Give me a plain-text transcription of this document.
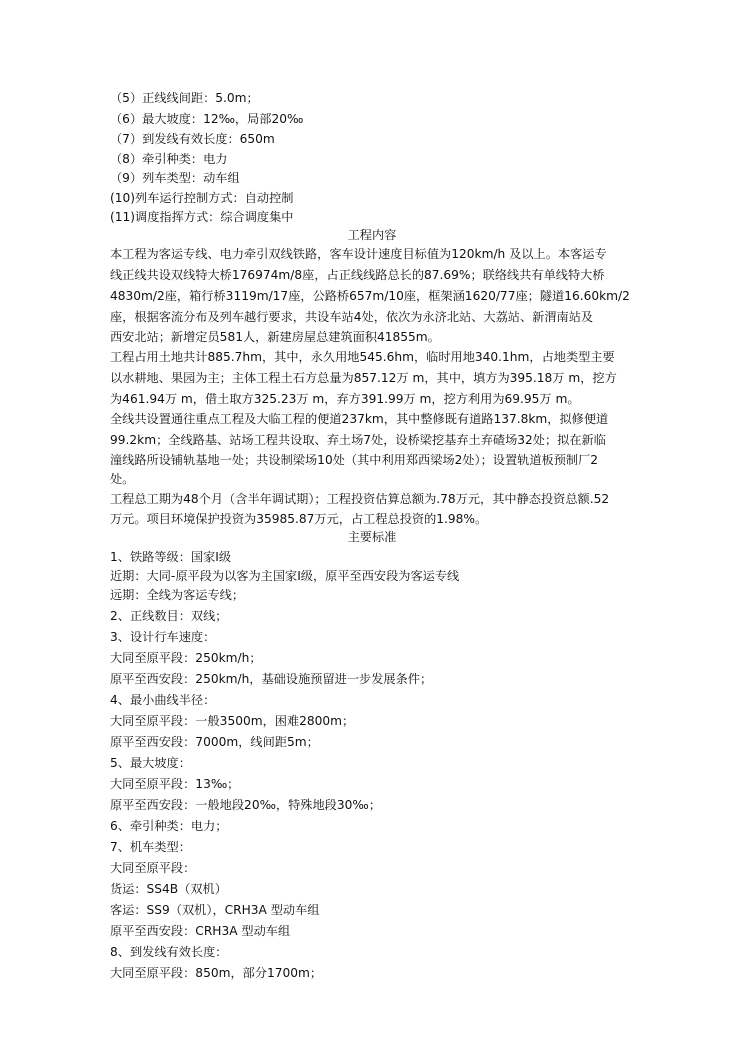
（5）正线线间距：5.0m；
（6）最大坡度：12‰，局部20‰
（7）到发线有效长度：650m
（8）牵引种类：电力
（9）列车类型：动车组
(10)列车运行控制方式：自动控制
(11)调度指挥方式：综合调度集中
工程内容
本工程为客运专线、电力牵引双线铁路，客车设计速度目标值为120km/h 及以上。本客运专
线正线共设双线特大桥176974m/8座，占正线线路总长的87.69%；联络线共有单线特大桥
4830m/2座，箱行桥3119m/17座，公路桥657m/10座，框架涵1620/77座；隧道16.60km/2
座，根据客流分布及列车越行要求，共设车站4处，依次为永济北站、大荔站、新渭南站及
西安北站；新增定员581人，新建房屋总建筑面积41855m。
工程占用土地共计885.7hm，其中，永久用地545.6hm，临时用地340.1hm，占地类型主要
以水耕地、果园为主；主体工程土石方总量为857.12万 m，其中，填方为395.18万 m，挖方
为461.94万 m，借土取方325.23万 m，弃方391.99万 m，挖方利用为69.95万 m。
全线共设置通往重点工程及大临工程的便道237km，其中整修既有道路137.8km，拟修便道
99.2km；全线路基、站场工程共设取、弃土场7处，设桥梁挖基弃土弃碴场32处；拟在新临
潼线路所设铺轨基地一处；共设制梁场10处（其中利用郑西梁场2处）；设置轨道板预制厂2
处。
工程总工期为48个月（含半年调试期）；工程投资估算总额为.78万元，其中静态投资总额.52
万元。项目环境保护投资为35985.87万元，占工程总投资的1.98%。
主要标准
1、铁路等级：国家Ⅰ级
近期：大同-原平段为以客为主国家Ⅰ级，原平至西安段为客运专线
远期：全线为客运专线；
2、正线数目：双线；
3、设计行车速度：
大同至原平段：250km/h；
原平至西安段：250km/h，基础设施预留进一步发展条件；
4、最小曲线半径：
大同至原平段：一般3500m，困难2800m；
原平至西安段：7000m，线间距5m；
5、最大坡度：
大同至原平段：13‰；
原平至西安段：一般地段20‰，特殊地段30‰；
6、牵引种类：电力；
7、机车类型：
大同至原平段：
货运：SS4B（双机）
客运：SS9（双机），CRH3A 型动车组
原平至西安段：CRH3A 型动车组
8、到发线有效长度：
大同至原平段：850m，部分1700m；
